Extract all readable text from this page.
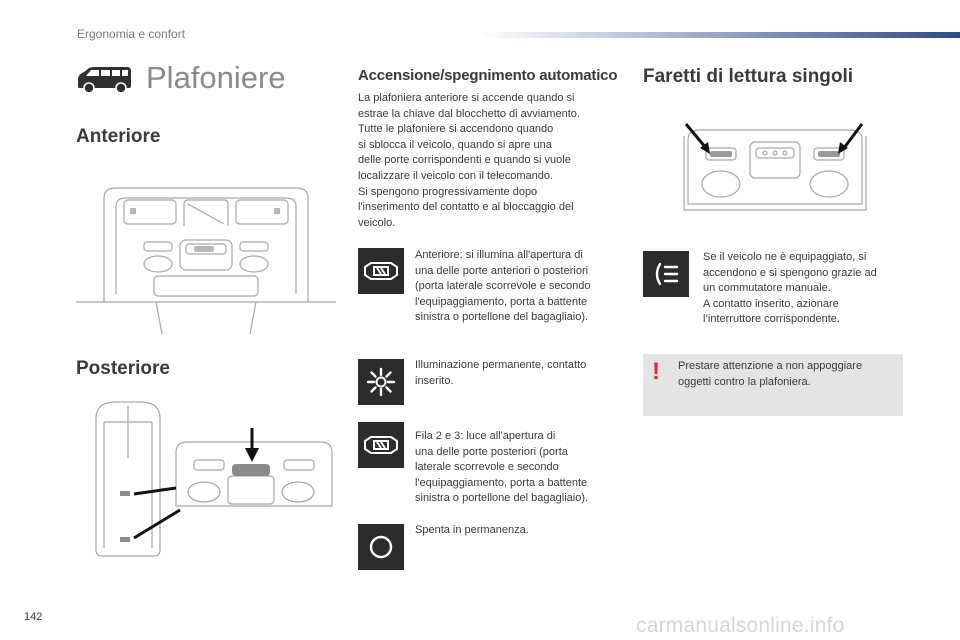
Ergonomia e confort
Plafoniere
Anteriore
Posteriore
Accensione/spegnimento automatico
La plafoniera anteriore si accende quando si
estrae la chiave dal blocchetto di avviamento.
Tutte le plafoniere si accendono quando
si sblocca il veicolo, quando si apre una
delle porte corrispondenti e quando si vuole
localizzare il veicolo con il telecomando.
Si spengono progressivamente dopo
l'inserimento del contatto e al bloccaggio del
veicolo.
Anteriore: si illumina all'apertura di
una delle porte anteriori o posteriori
(porta laterale scorrevole e secondo
l'equipaggiamento, porta a battente
sinistra o portellone del bagagliaio).
Illuminazione permanente, contatto
inserito.
Fila 2 e 3: luce all'apertura di
una delle porte posteriori (porta
laterale scorrevole e secondo
l'equipaggiamento, porta a battente
sinistra o portellone del bagagliaio).
Spenta in permanenza.
Faretti di lettura singoli
Se il veicolo ne è equipaggiato, si
accendono e si spengono grazie ad
un commutatore manuale.
A contatto inserito, azionare
l’interruttore corrispondente.
! Prestare attenzione a non appoggiare
oggetti contro la plafoniera.
142	carmanualsonline.info
